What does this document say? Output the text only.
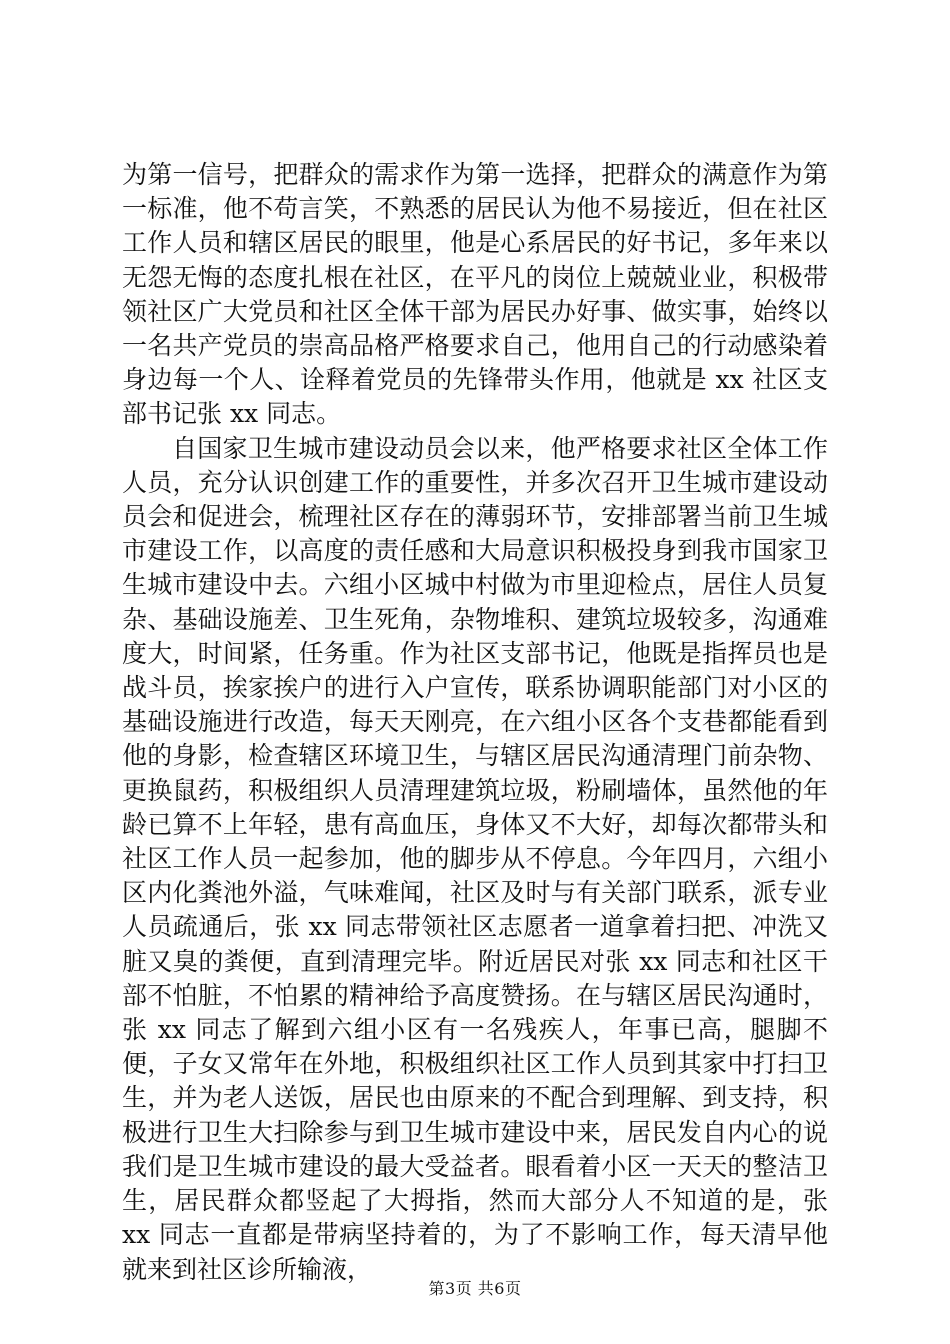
为第一信号，把群众的需求作为第一选择，把群众的满意作为第一标准，他不苟言笑，不熟悉的居民认为他不易接近，但在社区工作人员和辖区居民的眼里，他是心系居民的好书记，多年来以无怨无悔的态度扎根在社区，在平凡的岗位上兢兢业业，积极带领社区广大党员和社区全体干部为居民办好事、做实事，始终以一名共产党员的崇高品格严格要求自己，他用自己的行动感染着身边每一个人、诠释着党员的先锋带头作用，他就是 xx 社区支部书记张 xx 同志。

自国家卫生城市建设动员会以来，他严格要求社区全体工作人员，充分认识创建工作的重要性，并多次召开卫生城市建设动员会和促进会，梳理社区存在的薄弱环节，安排部署当前卫生城市建设工作，以高度的责任感和大局意识积极投身到我市国家卫生城市建设中去。六组小区城中村做为市里迎检点，居住人员复杂、基础设施差、卫生死角，杂物堆积、建筑垃圾较多，沟通难度大，时间紧，任务重。作为社区支部书记，他既是指挥员也是战斗员，挨家挨户的进行入户宣传，联系协调职能部门对小区的基础设施进行改造，每天天刚亮，在六组小区各个支巷都能看到他的身影，检查辖区环境卫生，与辖区居民沟通清理门前杂物、更换鼠药，积极组织人员清理建筑垃圾，粉刷墙体，虽然他的年龄已算不上年轻，患有高血压，身体又不大好，却每次都带头和社区工作人员一起参加，他的脚步从不停息。今年四月，六组小区内化粪池外溢，气味难闻，社区及时与有关部门联系，派专业人员疏通后，张 xx 同志带领社区志愿者一道拿着扫把、冲洗又脏又臭的粪便，直到清理完毕。附近居民对张 xx 同志和社区干部不怕脏，不怕累的精神给予高度赞扬。在与辖区居民沟通时，张 xx 同志了解到六组小区有一名残疾人，年事已高，腿脚不便，子女又常年在外地，积极组织社区工作人员到其家中打扫卫生，并为老人送饭，居民也由原来的不配合到理解、到支持，积极进行卫生大扫除参与到卫生城市建设中来，居民发自内心的说我们是卫生城市建设的最大受益者。眼看着小区一天天的整洁卫生，居民群众都竖起了大拇指，然而大部分人不知道的是，张 xx 同志一直都是带病坚持着的，为了不影响工作，每天清早他就来到社区诊所输液，

第3页 共6页
